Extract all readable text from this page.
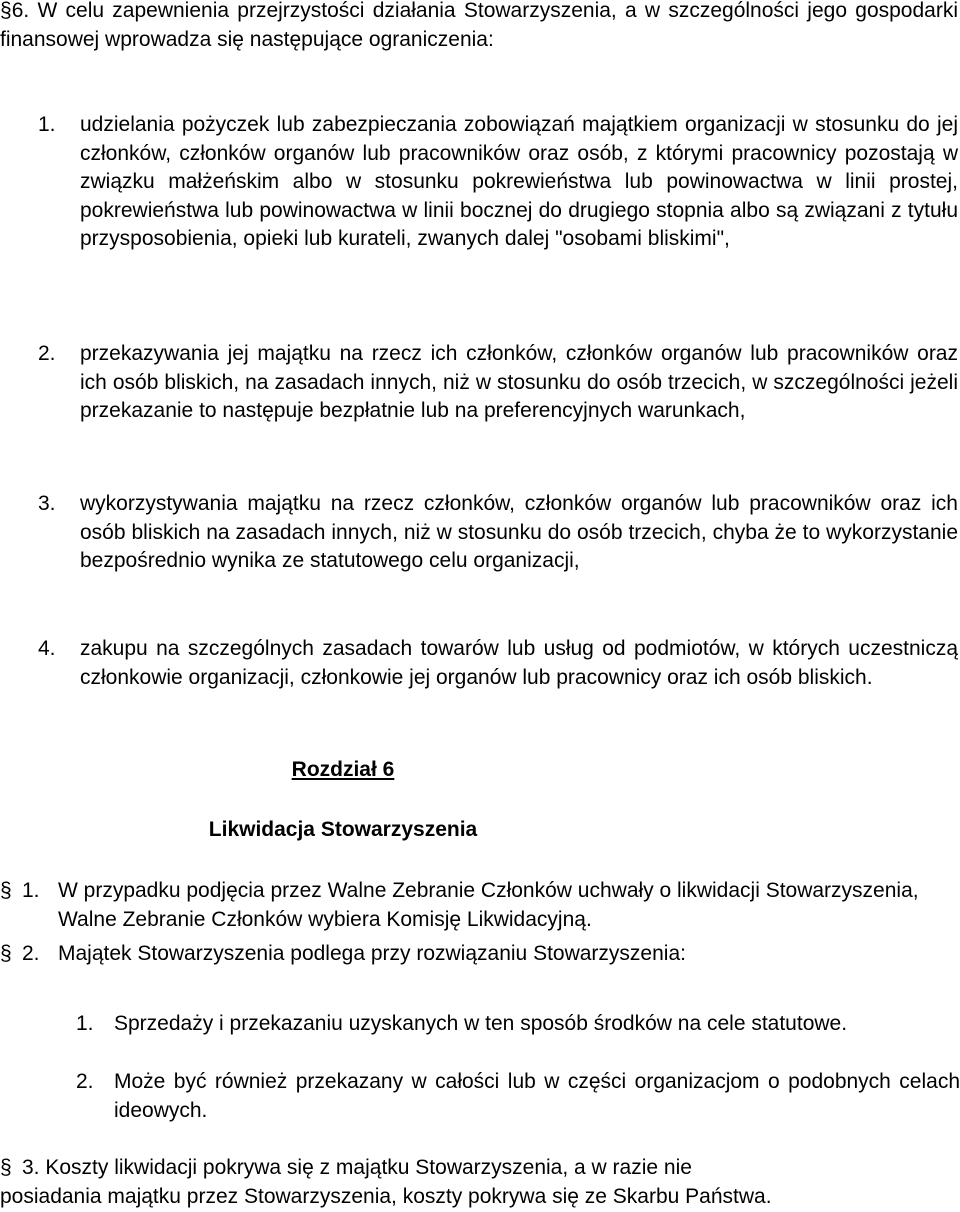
§6. W celu zapewnienia przejrzystości działania Stowarzyszenia, a w szczególności jego gospodarki finansowej wprowadza się następujące ograniczenia:

1. udzielania pożyczek lub zabezpieczania zobowiązań majątkiem organizacji w stosunku do jej członków, członków organów lub pracowników oraz osób, z którymi pracownicy pozostają w związku małżeńskim albo w stosunku pokrewieństwa lub powinowactwa w linii prostej, pokrewieństwa lub powinowactwa w linii bocznej do drugiego stopnia albo są związani z tytułu przysposobienia, opieki lub kurateli, zwanych dalej "osobami bliskimi",
2. przekazywania jej majątku na rzecz ich członków, członków organów lub pracowników oraz ich osób bliskich, na zasadach innych, niż w stosunku do osób trzecich, w szczególności jeżeli przekazanie to następuje bezpłatnie lub na preferencyjnych warunkach,
3. wykorzystywania majątku na rzecz członków, członków organów lub pracowników oraz ich osób bliskich na zasadach innych, niż w stosunku do osób trzecich, chyba że to wykorzystanie bezpośrednio wynika ze statutowego celu organizacji,
4. zakupu na szczególnych zasadach towarów lub usług od podmiotów, w których uczestniczą członkowie organizacji, członkowie jej organów lub pracownicy oraz ich osób bliskich.
Rozdział 6
Likwidacja Stowarzyszenia
§ 1. W przypadku podjęcia przez Walne Zebranie Członków uchwały o likwidacji Stowarzyszenia, Walne Zebranie Członków wybiera Komisję Likwidacyjną.
§ 2. Majątek Stowarzyszenia podlega przy rozwiązaniu Stowarzyszenia:
1. Sprzedaży i przekazaniu uzyskanych w ten sposób środków na cele statutowe.
2. Może być również przekazany w całości lub w części organizacjom o podobnych celach ideowych.
§ 3. Koszty likwidacji pokrywa się z majątku Stowarzyszenia, a w razie nie
posiadania majątku przez Stowarzyszenia, koszty pokrywa się ze Skarbu Państwa.
